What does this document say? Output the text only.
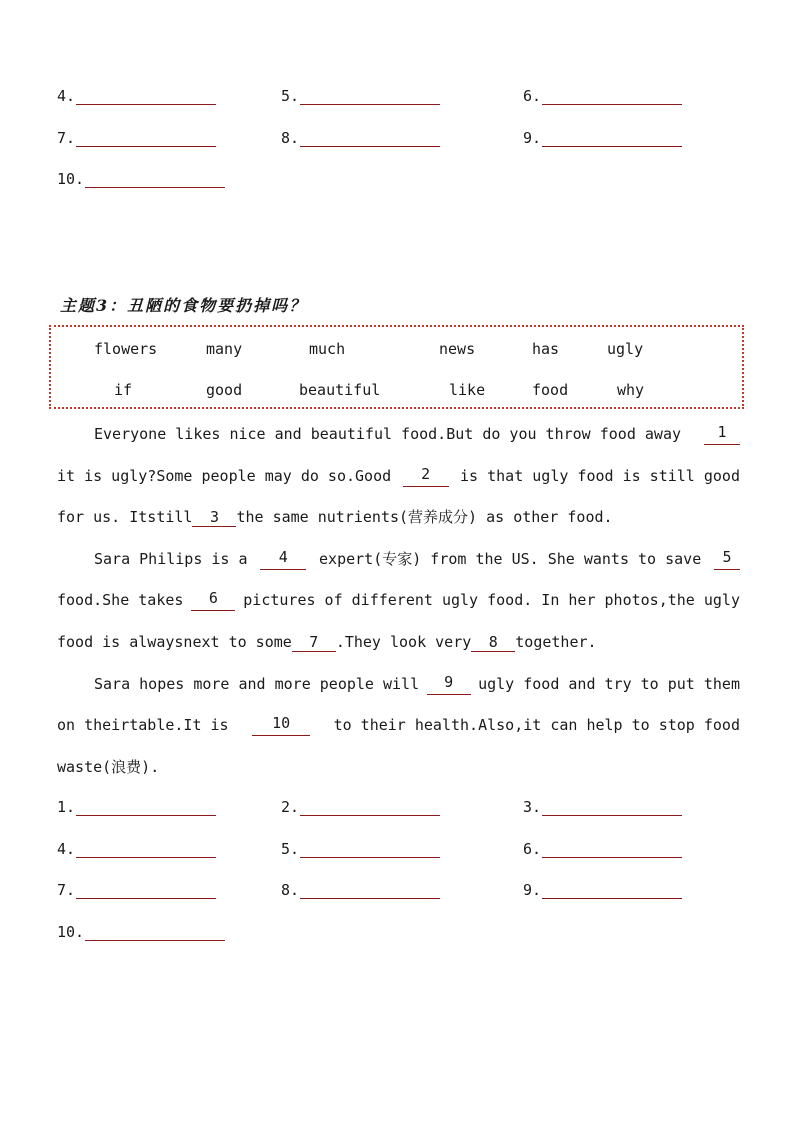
4.	5.	6.
7.	8.	9.
10.
主题3：丑陋的食物要扔掉吗？
flowers	many	much	news	has	ugly
if	good	beautiful	like	food	why
Everyone likes nice and beautiful food.But do you throw food away	1
it is ugly?Some people may do so.Good	2	is that ugly food is still good
for us. Itstill 3 the same nutrients(营养成分) as other food.
Sara Philips is a	4	expert(专家) from the US. She wants to save	5
food.She takes	6	pictures of different ugly food. In her photos,the ugly
food is alwaysnext to some 7 .They look very 8 together.
Sara hopes more and more people will	9	ugly food and try to put them
on theirtable.It is	10	to their health.Also,it can help to stop food
waste(浪费).
1.	2.	3.
4.	5.	6.
7.	8.	9.
10.
